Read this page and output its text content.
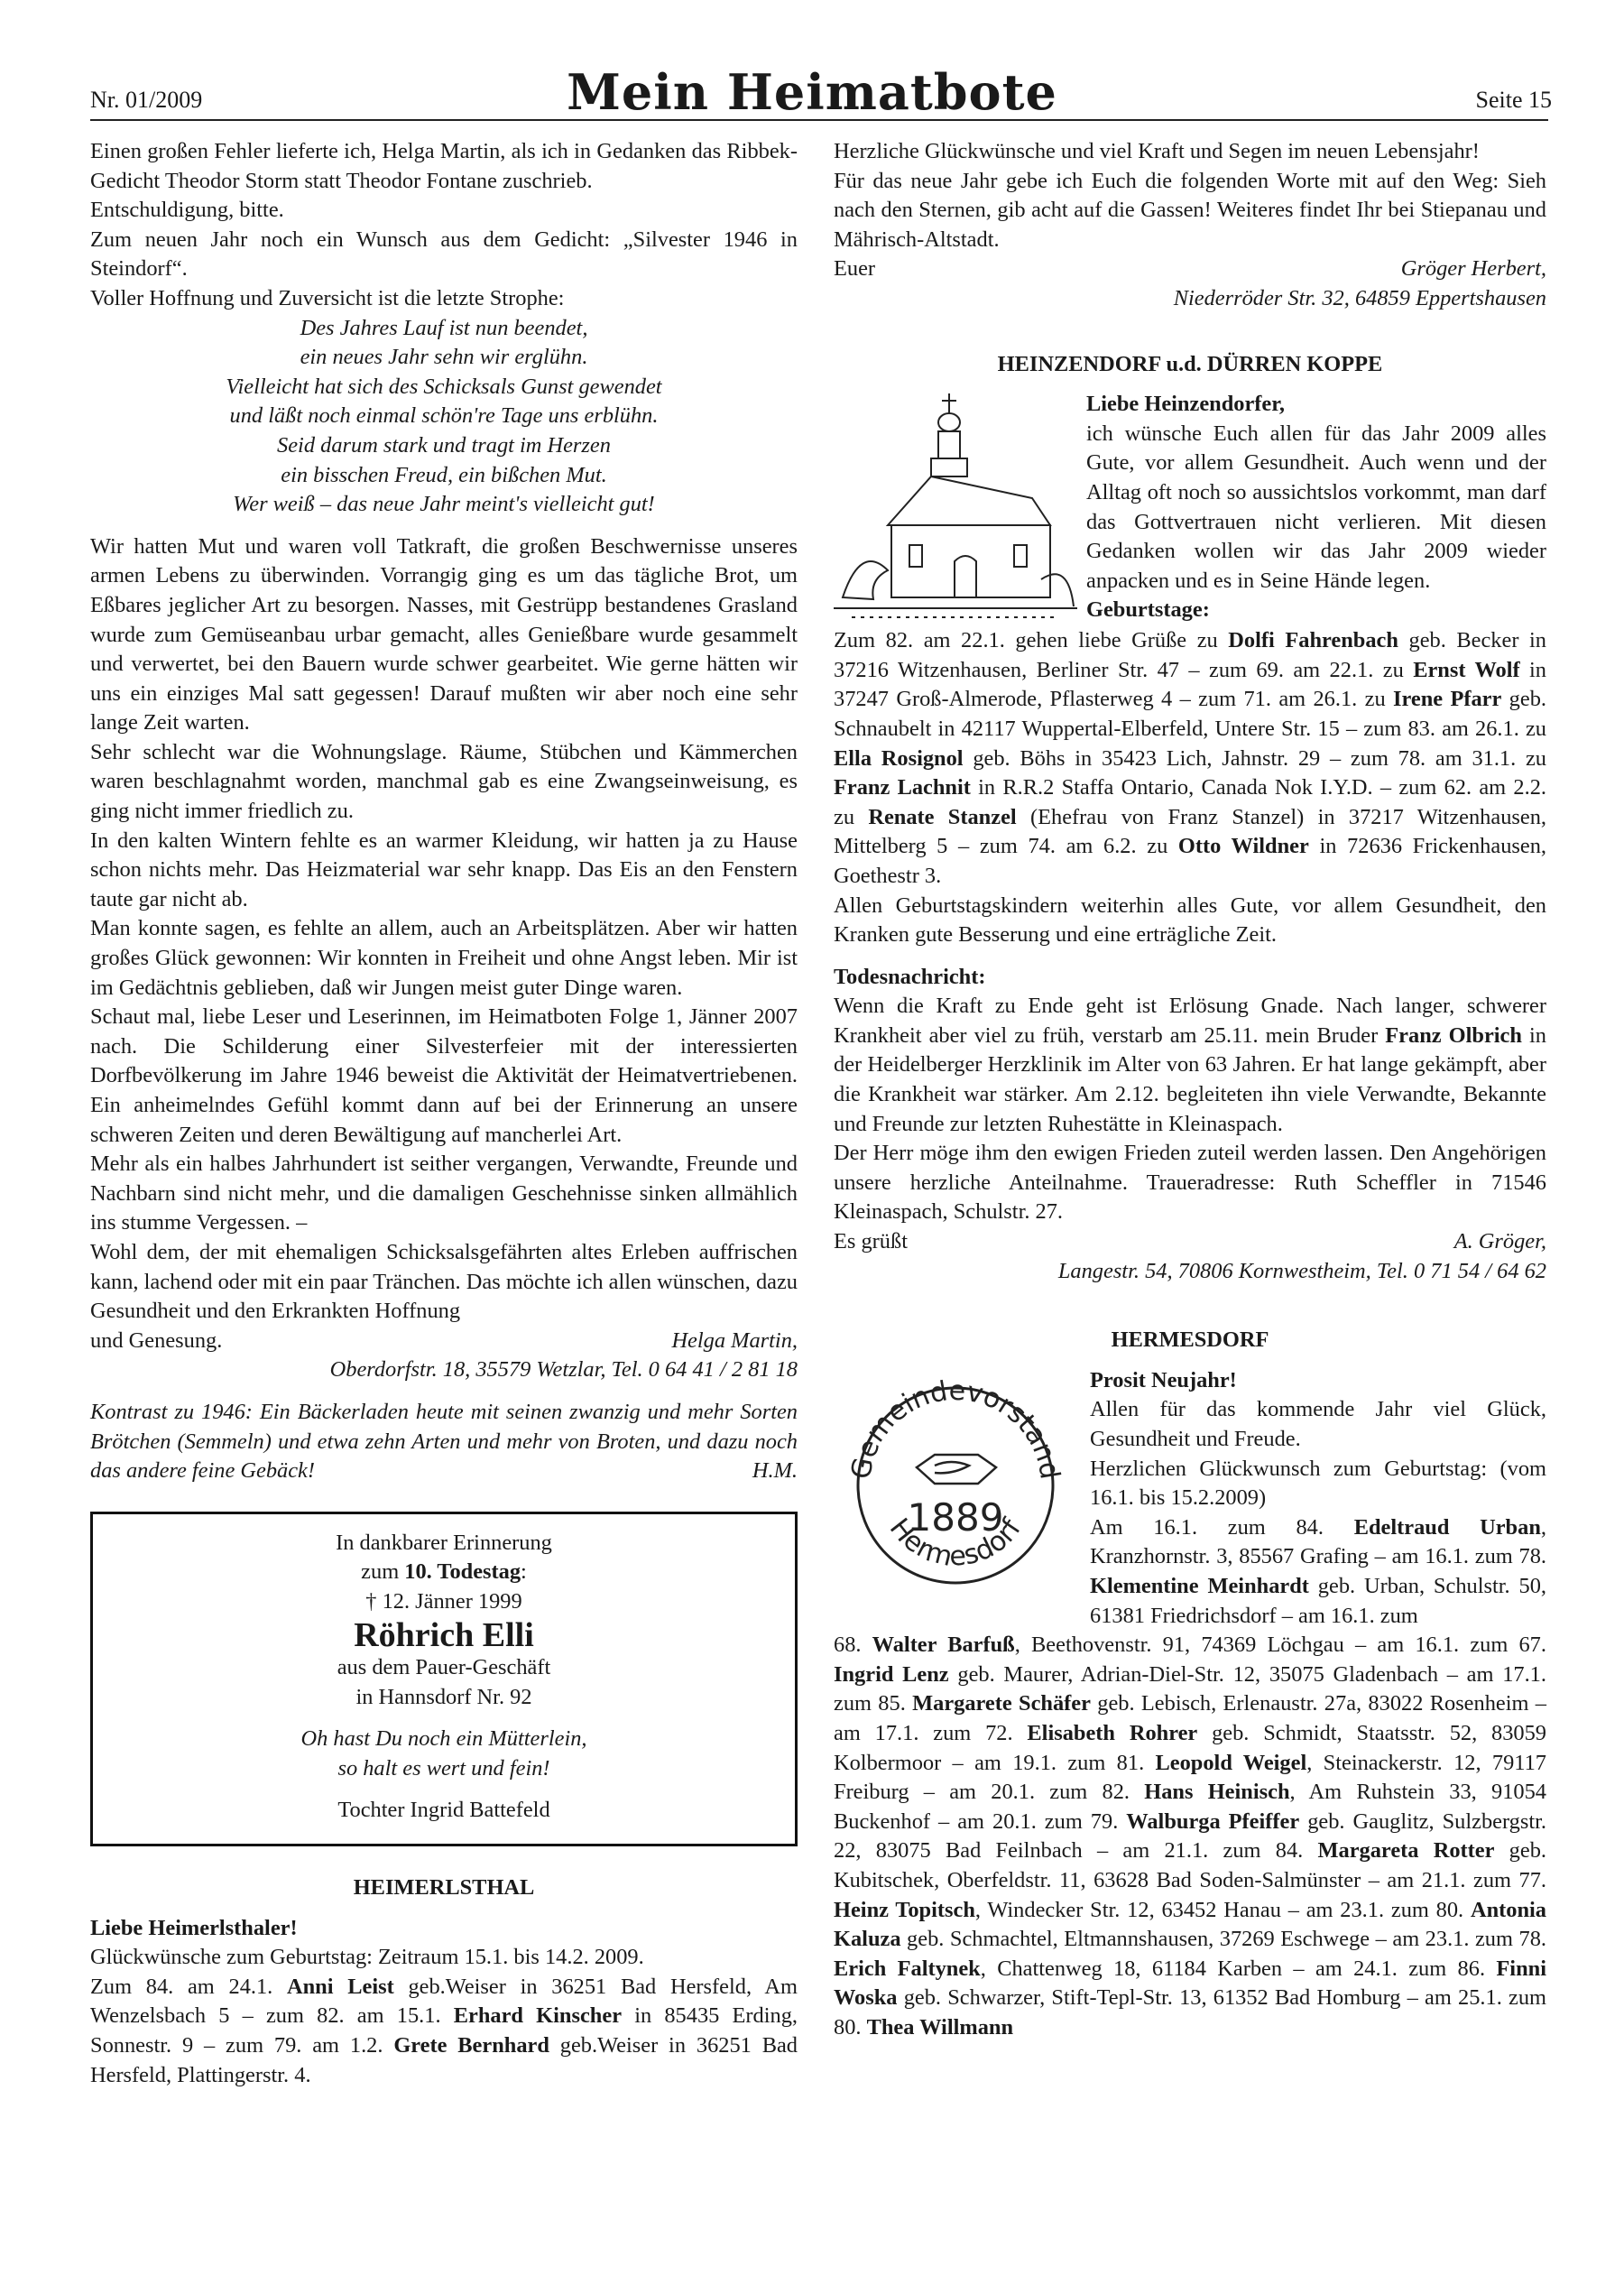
Nr. 01/2009	Mein Heimatbote	Seite 15

Einen großen Fehler lieferte ich, Helga Martin, als ich in Gedanken das Ribbek-Gedicht Theodor Storm statt Theodor Fontane zuschrieb.

Entschuldigung, bitte.

Zum neuen Jahr noch ein Wunsch aus dem Gedicht: „Silvester 1946 in Steindorf“.

Voller Hoffnung und Zuversicht ist die letzte Strophe:

Des Jahres Lauf ist nun beendet,

ein neues Jahr sehn wir erglühn.

Vielleicht hat sich des Schicksals Gunst gewendet

und läßt noch einmal schön're Tage uns erblühn.

Seid darum stark und tragt im Herzen

ein bisschen Freud, ein bißchen Mut.

Wer weiß – das neue Jahr meint's vielleicht gut!

Wir hatten Mut und waren voll Tatkraft, die großen Beschwernisse unseres armen Lebens zu überwinden. Vorrangig ging es um das tägliche Brot, um Eßbares jeglicher Art zu besorgen. Nasses, mit Gestrüpp bestandenes Grasland wurde zum Gemüseanbau urbar gemacht, alles Genießbare wurde gesammelt und verwertet, bei den Bauern wurde schwer gearbeitet. Wie gerne hätten wir uns ein einziges Mal satt gegessen! Darauf mußten wir aber noch eine sehr lange Zeit warten.

Sehr schlecht war die Wohnungslage. Räume, Stübchen und Kämmerchen waren beschlagnahmt worden, manchmal gab es eine Zwangseinweisung, es ging nicht immer friedlich zu.

In den kalten Wintern fehlte es an warmer Kleidung, wir hatten ja zu Hause schon nichts mehr. Das Heizmaterial war sehr knapp. Das Eis an den Fenstern taute gar nicht ab.

Man konnte sagen, es fehlte an allem, auch an Arbeitsplätzen. Aber wir hatten großes Glück gewonnen: Wir konnten in Freiheit und ohne Angst leben. Mir ist im Gedächtnis geblieben, daß wir Jungen meist guter Dinge waren.

Schaut mal, liebe Leser und Leserinnen, im Heimatboten Folge 1, Jänner 2007 nach. Die Schilderung einer Silvesterfeier mit der interessierten Dorfbevölkerung im Jahre 1946 beweist die Aktivität der Heimatvertriebenen. Ein anheimelndes Gefühl kommt dann auf bei der Erinnerung an unsere schweren Zeiten und deren Bewältigung auf mancherlei Art.

Mehr als ein halbes Jahrhundert ist seither vergangen, Verwandte, Freunde und Nachbarn sind nicht mehr, und die damaligen Geschehnisse sinken allmählich ins stumme Vergessen. –

Wohl dem, der mit ehemaligen Schicksalsgefährten altes Erleben auffrischen kann, lachend oder mit ein paar Tränchen. Das möchte ich allen wünschen, dazu Gesundheit und den Erkrankten Hoffnung

und Genesung.	Helga Martin,

Oberdorfstr. 18, 35579 Wetzlar, Tel. 0 64 41 / 2 81 18

Kontrast zu 1946: Ein Bäckerladen heute mit seinen zwanzig und mehr Sorten Brötchen (Semmeln) und etwa zehn Arten und mehr von Broten, und dazu noch das andere feine Gebäck!	H.M.

In dankbarer Erinnerung
zum 10. Todestag:
† 12. Jänner 1999
Röhrich Elli
aus dem Pauer-Geschäft
in Hannsdorf Nr. 92
Oh hast Du noch ein Mütterlein,
so halt es wert und fein!
Tochter Ingrid Battefeld
HEIMERLSTHAL

Liebe Heimerlsthaler!

Glückwünsche zum Geburtstag: Zeitraum 15.1. bis 14.2. 2009.

Zum 84. am 24.1. Anni Leist geb.Weiser in 36251 Bad Hersfeld, Am Wenzelsbach 5 – zum 82. am 15.1. Erhard Kinscher in 85435 Erding, Sonnestr. 9 – zum 79. am 1.2. Grete Bernhard geb.Weiser in 36251 Bad Hersfeld, Plattingerstr. 4.

Herzliche Glückwünsche und viel Kraft und Segen im neuen Lebensjahr!

Für das neue Jahr gebe ich Euch die folgenden Worte mit auf den Weg: Sieh nach den Sternen, gib acht auf die Gassen! Weiteres findet Ihr bei Stiepanau und Mährisch-Altstadt.

Euer	Gröger Herbert,

Niederröder Str. 32, 64859 Eppertshausen

HEINZENDORF u.d. DÜRREN KOPPE

Liebe Heinzendorfer,

ich wünsche Euch allen für das Jahr 2009 alles Gute, vor allem Gesundheit. Auch wenn und der Alltag oft noch so aussichtslos vorkommt, man darf das Gottvertrauen nicht verlieren. Mit diesen Gedanken wollen wir das Jahr 2009 wieder anpacken und es in Seine Hände legen.

Geburtstage:

Zum 82. am 22.1. gehen liebe Grüße zu Dolfi Fahrenbach geb. Becker in 37216 Witzenhausen, Berliner Str. 47 – zum 69. am 22.1. zu Ernst Wolf in 37247 Groß-Almerode, Pflasterweg 4 – zum 71. am 26.1. zu Irene Pfarr geb. Schnaubelt in 42117 Wuppertal-Elberfeld, Untere Str. 15 – zum 83. am 26.1. zu Ella Rosignol geb. Böhs in 35423 Lich, Jahnstr. 29 – zum 78. am 31.1. zu Franz Lachnit in R.R.2 Staffa Ontario, Canada Nok I.Y.D. – zum 62. am 2.2. zu Renate Stanzel (Ehefrau von Franz Stanzel) in 37217 Witzenhausen, Mittelberg 5 – zum 74. am 6.2. zu Otto Wildner in 72636 Frickenhausen, Goethestr 3.

Allen Geburtstagskindern weiterhin alles Gute, vor allem Gesundheit, den Kranken gute Besserung und eine erträgliche Zeit.

Todesnachricht:

Wenn die Kraft zu Ende geht ist Erlösung Gnade. Nach langer, schwerer Krankheit aber viel zu früh, verstarb am 25.11. mein Bruder Franz Olbrich in der Heidelberger Herzklinik im Alter von 63 Jahren. Er hat lange gekämpft, aber die Krankheit war stärker. Am 2.12. begleiteten ihn viele Verwandte, Bekannte und Freunde zur letzten Ruhestätte in Kleinaspach.

Der Herr möge ihm den ewigen Frieden zuteil werden lassen. Den Angehörigen unsere herzliche Anteilnahme. Traueradresse: Ruth Scheffler in 71546 Kleinaspach, Schulstr. 27.

Es grüßt	A. Gröger,

Langestr. 54, 70806 Kornwestheim, Tel. 0 71 54 / 64 62

HERMESDORF
Gemeindevorstand
Hermesdorf
1889

Prosit Neujahr!

Allen für das kommende Jahr viel Glück, Gesundheit und Freude.

Herzlichen Glückwunsch zum Geburtstag: (vom 16.1. bis 15.2.2009)

Am 16.1. zum 84. Edeltraud Urban, Kranzhornstr. 3, 85567 Grafing – am 16.1. zum 78. Klementine Meinhardt geb. Urban, Schulstr. 50, 61381 Friedrichsdorf – am 16.1. zum

68. Walter Barfuß, Beethovenstr. 91, 74369 Löchgau – am 16.1. zum 67. Ingrid Lenz geb. Maurer, Adrian-Diel-Str. 12, 35075 Gladenbach – am 17.1. zum 85. Margarete Schäfer geb. Lebisch, Erlenaustr. 27a, 83022 Rosenheim – am 17.1. zum 72. Elisabeth Rohrer geb. Schmidt, Staatsstr. 52, 83059 Kolbermoor – am 19.1. zum 81. Leopold Weigel, Steinackerstr. 12, 79117 Freiburg – am 20.1. zum 82. Hans Heinisch, Am Ruhstein 33, 91054 Buckenhof – am 20.1. zum 79. Walburga Pfeiffer geb. Gauglitz, Sulzbergstr. 22, 83075 Bad Feilnbach – am 21.1. zum 84. Margareta Rotter geb. Kubitschek, Oberfeldstr. 11, 63628 Bad Soden-Salmünster – am 21.1. zum 77. Heinz Topitsch, Windecker Str. 12, 63452 Hanau – am 23.1. zum 80. Antonia Kaluza geb. Schmachtel, Eltmannshausen, 37269 Eschwege – am 23.1. zum 78. Erich Faltynek, Chattenweg 18, 61184 Karben – am 24.1. zum 86. Finni Woska geb. Schwarzer, Stift-Tepl-Str. 13, 61352 Bad Homburg – am 25.1. zum 80. Thea Willmann
